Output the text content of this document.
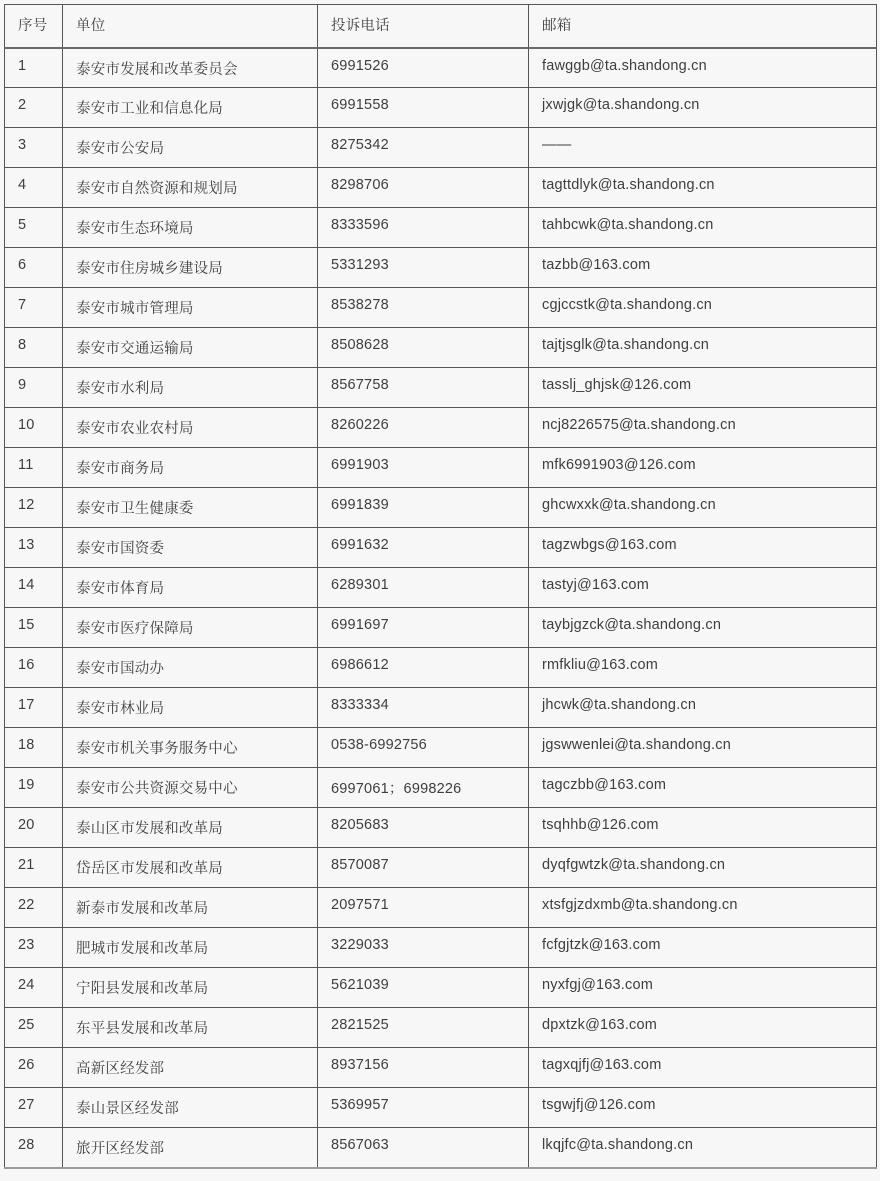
序号	单位	投诉电话	邮箱
1	泰安市发展和改革委员会	6991526	fawggb@ta.shandong.cn
2	泰安市工业和信息化局	6991558	jxwjgk@ta.shandong.cn
3	泰安市公安局	8275342	——
4	泰安市自然资源和规划局	8298706	tagttdlyk@ta.shandong.cn
5	泰安市生态环境局	8333596	tahbcwk@ta.shandong.cn
6	泰安市住房城乡建设局	5331293	tazbb@163.com
7	泰安市城市管理局	8538278	cgjccstk@ta.shandong.cn
8	泰安市交通运输局	8508628	tajtjsglk@ta.shandong.cn
9	泰安市水利局	8567758	tasslj_ghjsk@126.com
10	泰安市农业农村局	8260226	ncj8226575@ta.shandong.cn
11	泰安市商务局	6991903	mfk6991903@126.com
12	泰安市卫生健康委	6991839	ghcwxxk@ta.shandong.cn
13	泰安市国资委	6991632	tagzwbgs@163.com
14	泰安市体育局	6289301	tastyj@163.com
15	泰安市医疗保障局	6991697	taybjgzck@ta.shandong.cn
16	泰安市国动办	6986612	rmfkliu@163.com
17	泰安市林业局	8333334	jhcwk@ta.shandong.cn
18	泰安市机关事务服务中心	0538-6992756	jgswwenlei@ta.shandong.cn
19	泰安市公共资源交易中心	6997061；6998226	tagczbb@163.com
20	泰山区市发展和改革局	8205683	tsqhhb@126.com
21	岱岳区市发展和改革局	8570087	dyqfgwtzk@ta.shandong.cn
22	新泰市发展和改革局	2097571	xtsfgjzdxmb@ta.shandong.cn
23	肥城市发展和改革局	3229033	fcfgjtzk@163.com
24	宁阳县发展和改革局	5621039	nyxfgj@163.com
25	东平县发展和改革局	2821525	dpxtzk@163.com
26	高新区经发部	8937156	tagxqjfj@163.com
27	泰山景区经发部	5369957	tsgwjfj@126.com
28	旅开区经发部	8567063	lkqjfc@ta.shandong.cn
